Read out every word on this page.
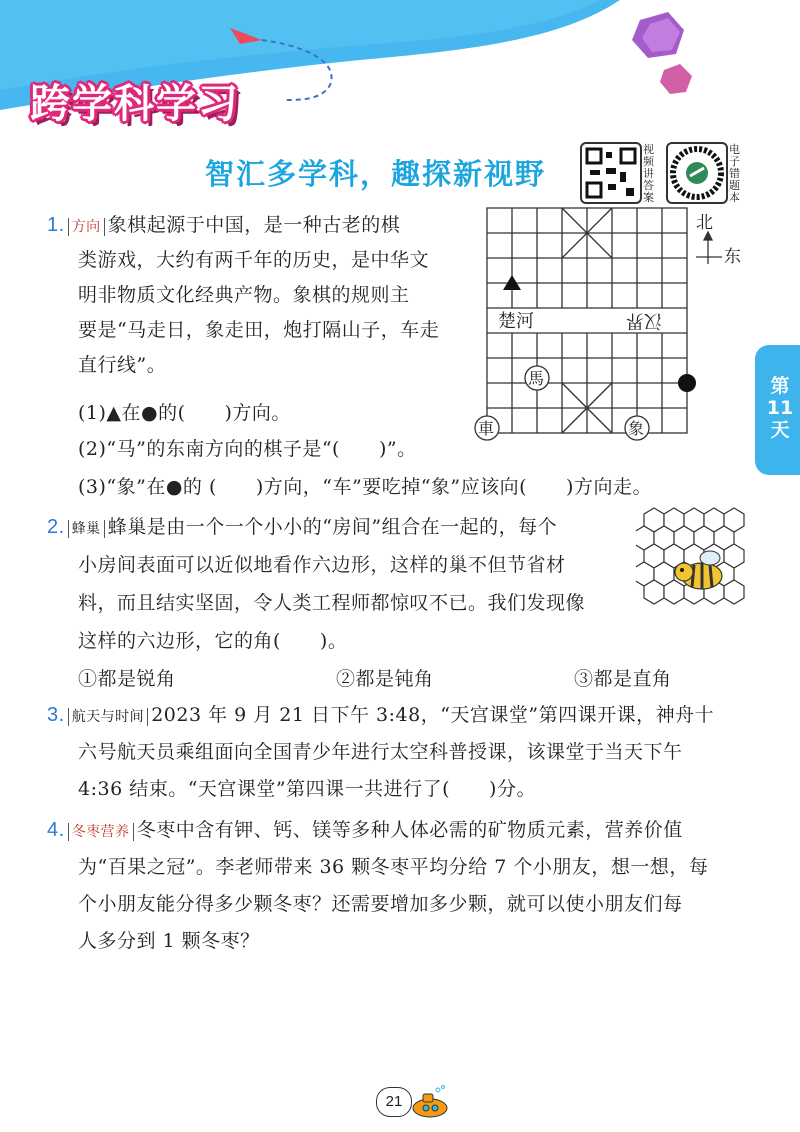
跨学科学习
智汇多学科，趣探新视野
视频讲答案
电子错题本
第
11
天
1. 方向 象棋起源于中国，是一种古老的棋
类游戏，大约有两千年的历史，是中华文
明非物质文化经典产物。象棋的规则主
要是“马走日，象走田，炮打隔山子，车走
直行线”。
(1)▲在●的(　　)方向。
(2)“马”的东南方向的棋子是“(　　)”。
(3)“象”在●的 (　　)方向，“车”要吃掉“象”应该向(　　)方向走。
楚河	汉界
馬
車	象
北
东
2. 蜂巢 蜂巢是由一个一个小小的“房间”组合在一起的，每个
小房间表面可以近似地看作六边形，这样的巢不但节省材
料，而且结实坚固，令人类工程师都惊叹不已。我们发现像
这样的六边形，它的角(　　)。
①都是锐角	②都是钝角	③都是直角
3. 航天与时间 2023 年 9 月 21 日下午 3:48，“天宫课堂”第四课开课，神舟十
六号航天员乘组面向全国青少年进行太空科普授课，该课堂于当天下午
4:36 结束。“天宫课堂”第四课一共进行了(　　)分。
4. 冬枣营养 冬枣中含有钾、钙、镁等多种人体必需的矿物质元素，营养价值
为“百果之冠”。李老师带来 36 颗冬枣平均分给 7 个小朋友，想一想，每
个小朋友能分得多少颗冬枣？还需要增加多少颗，就可以使小朋友们每
人多分到 1 颗冬枣？
21
